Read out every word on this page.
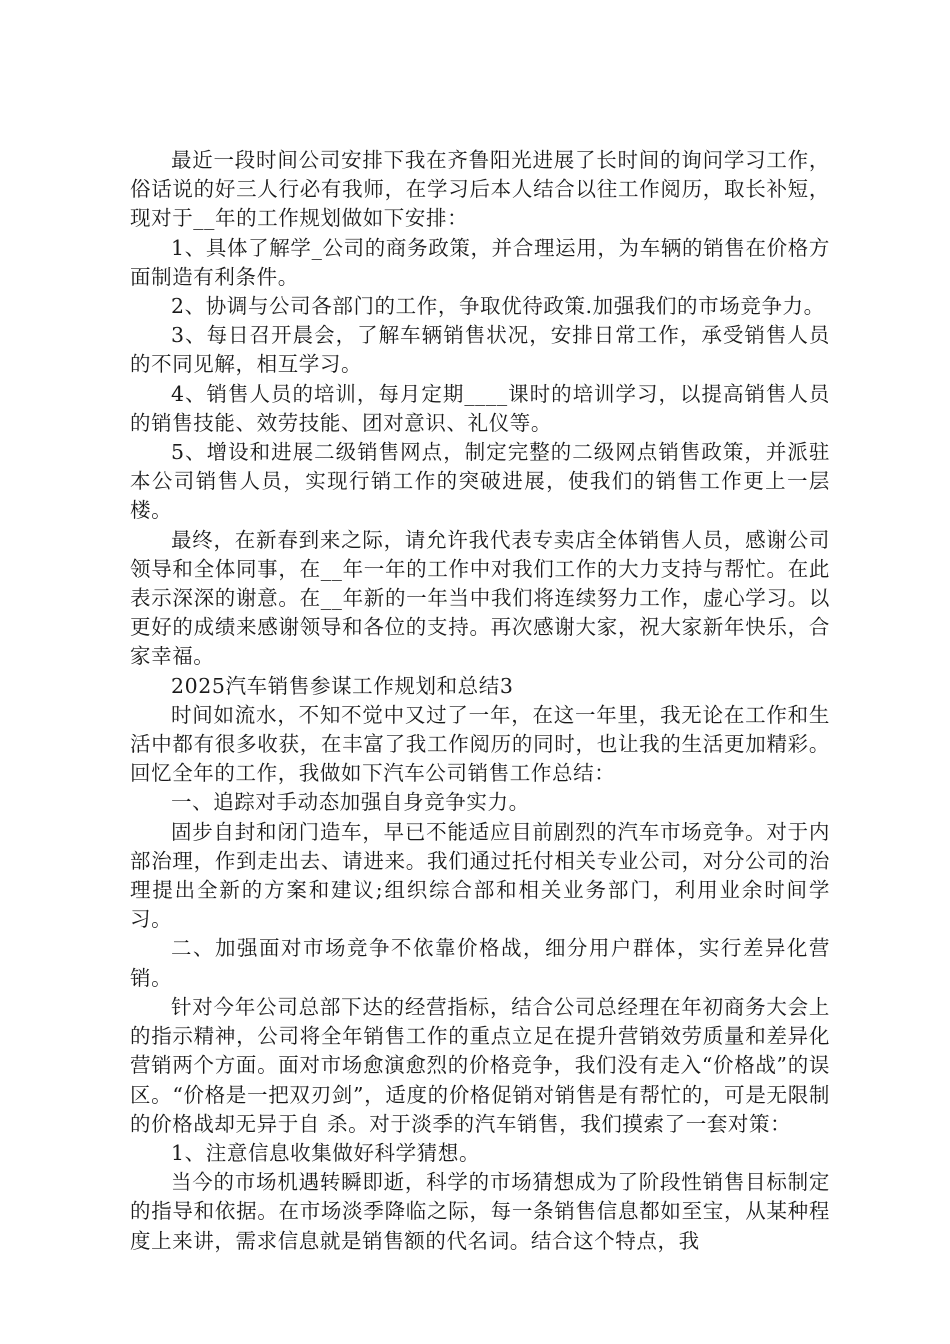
最近一段时间公司安排下我在齐鲁阳光进展了长时间的询问学习工作，俗话说的好三人行必有我师，在学习后本人结合以往工作阅历，取长补短，现对于__年的工作规划做如下安排：

1、具体了解学_公司的商务政策，并合理运用，为车辆的销售在价格方面制造有利条件。

2、协调与公司各部门的工作，争取优待政策.加强我们的市场竞争力。

3、每日召开晨会，了解车辆销售状况，安排日常工作，承受销售人员的不同见解，相互学习。

4、销售人员的培训，每月定期____课时的培训学习，以提高销售人员的销售技能、效劳技能、团对意识、礼仪等。

5、增设和进展二级销售网点，制定完整的二级网点销售政策，并派驻本公司销售人员，实现行销工作的突破进展，使我们的销售工作更上一层楼。

最终，在新春到来之际，请允许我代表专卖店全体销售人员，感谢公司领导和全体同事，在__年一年的工作中对我们工作的大力支持与帮忙。在此表示深深的谢意。在__年新的一年当中我们将连续努力工作，虚心学习。以更好的成绩来感谢领导和各位的支持。再次感谢大家，祝大家新年快乐，合家幸福。

2025汽车销售参谋工作规划和总结3

时间如流水，不知不觉中又过了一年，在这一年里，我无论在工作和生活中都有很多收获，在丰富了我工作阅历的同时，也让我的生活更加精彩。回忆全年的工作，我做如下汽车公司销售工作总结：

一、追踪对手动态加强自身竞争实力。

固步自封和闭门造车，早已不能适应目前剧烈的汽车市场竞争。对于内部治理，作到走出去、请进来。我们通过托付相关专业公司，对分公司的治理提出全新的方案和建议;组织综合部和相关业务部门，利用业余时间学习。

二、加强面对市场竞争不依靠价格战，细分用户群体，实行差异化营销。

针对今年公司总部下达的经营指标，结合公司总经理在年初商务大会上的指示精神，公司将全年销售工作的重点立足在提升营销效劳质量和差异化营销两个方面。面对市场愈演愈烈的价格竞争，我们没有走入“价格战”的误区。“价格是一把双刃剑”，适度的价格促销对销售是有帮忙的，可是无限制的价格战却无异于自 杀。对于淡季的汽车销售，我们摸索了一套对策：

1、注意信息收集做好科学猜想。

当今的市场机遇转瞬即逝，科学的市场猜想成为了阶段性销售目标制定的指导和依据。在市场淡季降临之际，每一条销售信息都如至宝，从某种程度上来讲，需求信息就是销售额的代名词。结合这个特点，我
